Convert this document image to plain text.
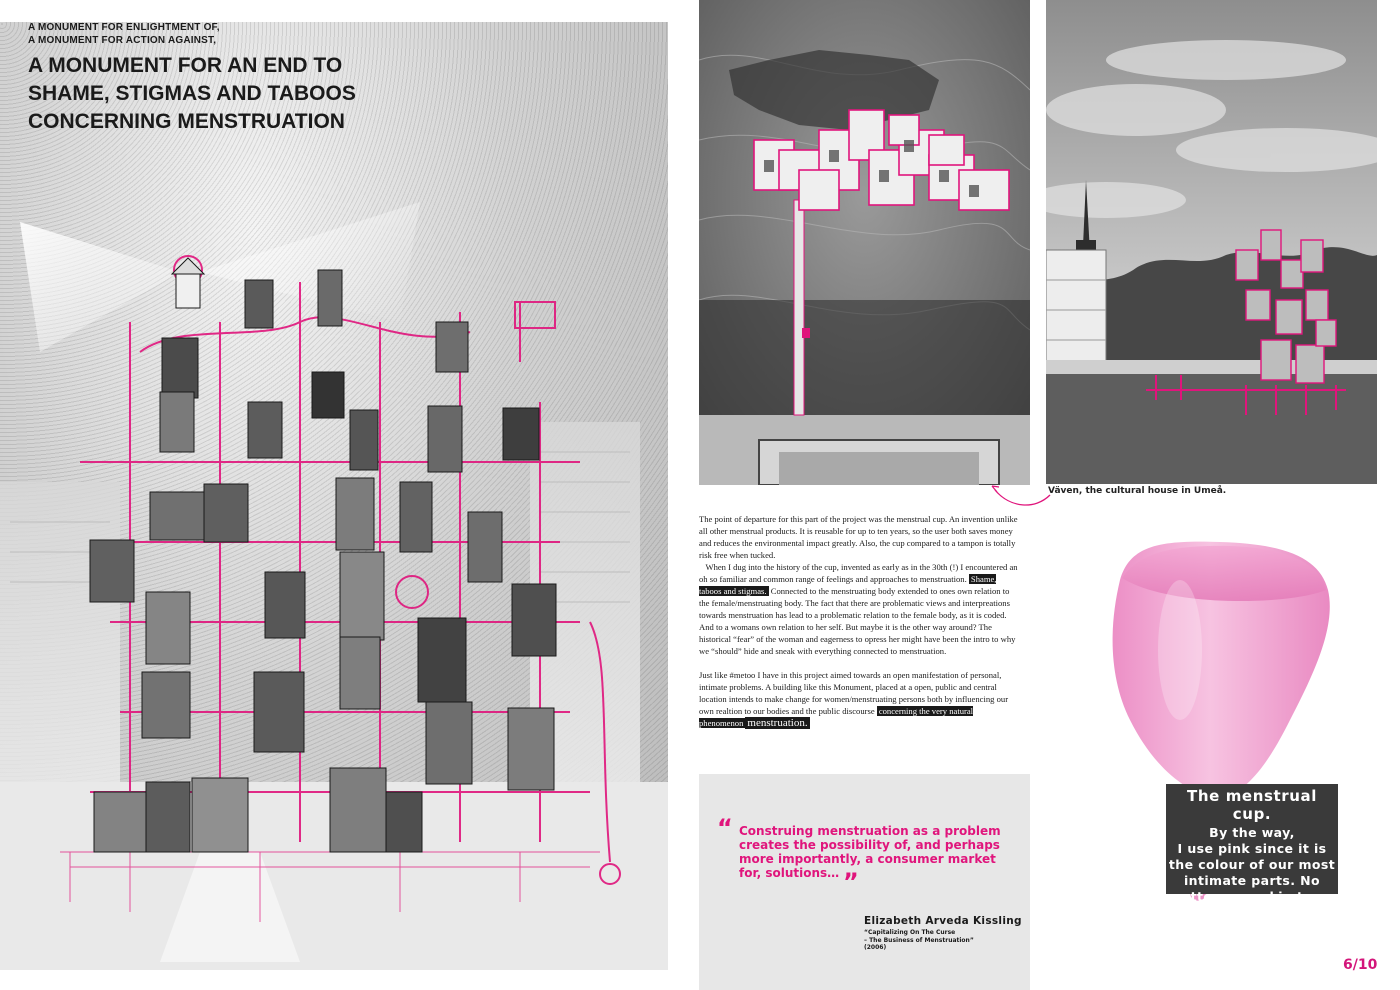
A MONUMENT FOR ENLIGHTMENT OF,
A MONUMENT FOR ACTION AGAINST,
A MONUMENT FOR AN END TO
SHAME, STIGMAS AND TABOOS
CONCERNING MENSTRUATION
Väven, the cultural house in Umeå.

The point of departure for this part of the project was the menstrual cup. An invention unlike all other menstrual products. It is reusable for up to ten years, so the user both saves money and reduces the environmental impact greatly. Also, the cup compared to a tampon is totally risk free when tucked.

When I dug into the history of the cup, invented as early as in the 30th (!) I encountered an oh so familiar and common range of feelings and approaches to menstruation. Shame, taboos and stigmas. Connected to the menstruating body extended to ones own relation to the female/menstruating body. The fact that there are problematic views and interpreations towards menstruation has lead to a problematic relation to the female body, as it is coded. And to a womans own relation to her self. But maybe it is the other way around? The historical “fear” of the woman and eagerness to opress her might have been the intro to why we “should” hide and sneak with everything connected to menstruation.

Just like #metoo I have in this project aimed towards an open manifestation of personal, intimate problems. A building like this Monument, placed at a open, public and central location intends to make change for women/menstruating persons both by influencing our own realtion to our bodies and the public discourse concerning the very natural phenomenon menstruation.

“ Construing menstruation as a problem creates the possibility of, and perhaps more importantly, a consumer market for, solutions… ”
Elizabeth Arveda Kissling
“Capitalizing On The Curse
– The Business of Menstruation”
(2006)
The menstrual cup.
By the way,
I use pink since it is
the colour of our most
intimate parts. No
matter your skin tone.
6/10
